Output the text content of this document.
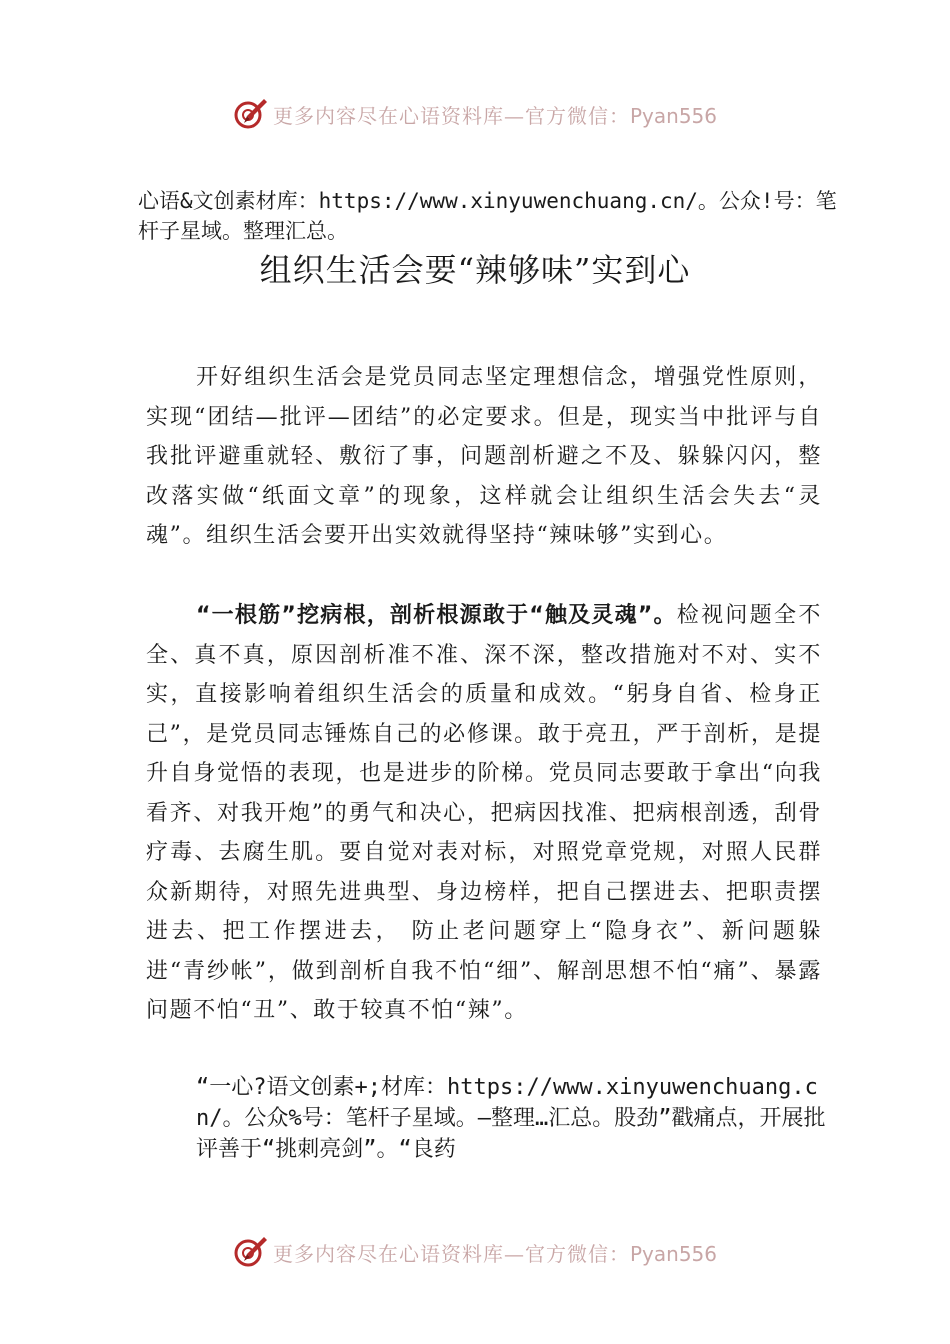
更多内容尽在心语资料库—官方微信：Pyan556
心语&文创素材库：https://www.xinyuwenchuang.cn/。公众!号：笔杆子星域。整理汇总。
组织生活会要“辣够味”实到心

开好组织生活会是党员同志坚定理想信念，增强党性原则，实现“团结—批评—团结”的必定要求。但是，现实当中批评与自我批评避重就轻、敷衍了事，问题剖析避之不及、躲躲闪闪，整改落实做“纸面文章”的现象，这样就会让组织生活会失去“灵魂”。组织生活会要开出实效就得坚持“辣味够”实到心。

“一根筋”挖病根，剖析根源敢于“触及灵魂”。检视问题全不全、真不真，原因剖析准不准、深不深，整改措施对不对、实不实，直接影响着组织生活会的质量和成效。“躬身自省、检身正己”，是党员同志锤炼自己的必修课。敢于亮丑，严于剖析，是提升自身觉悟的表现，也是进步的阶梯。党员同志要敢于拿出“向我看齐、对我开炮”的勇气和决心，把病因找准、把病根剖透，刮骨疗毒、去腐生肌。要自觉对表对标，对照党章党规，对照人民群众新期待，对照先进典型、身边榜样，把自己摆进去、把职责摆进去、把工作摆进去， 防止老问题穿上“隐身衣”、新问题躲进“青纱帐”，做到剖析自我不怕“细”、解剖思想不怕“痛”、暴露问题不怕“丑”、敢于较真不怕“辣”。

“一心?语文创素+;材库：https://www.xinyuwenchuang.cn/。公众%号：笔杆子星域。—整理…汇总。股劲”戳痛点，开展批评善于“挑刺亮剑”。“良药

更多内容尽在心语资料库—官方微信：Pyan556
